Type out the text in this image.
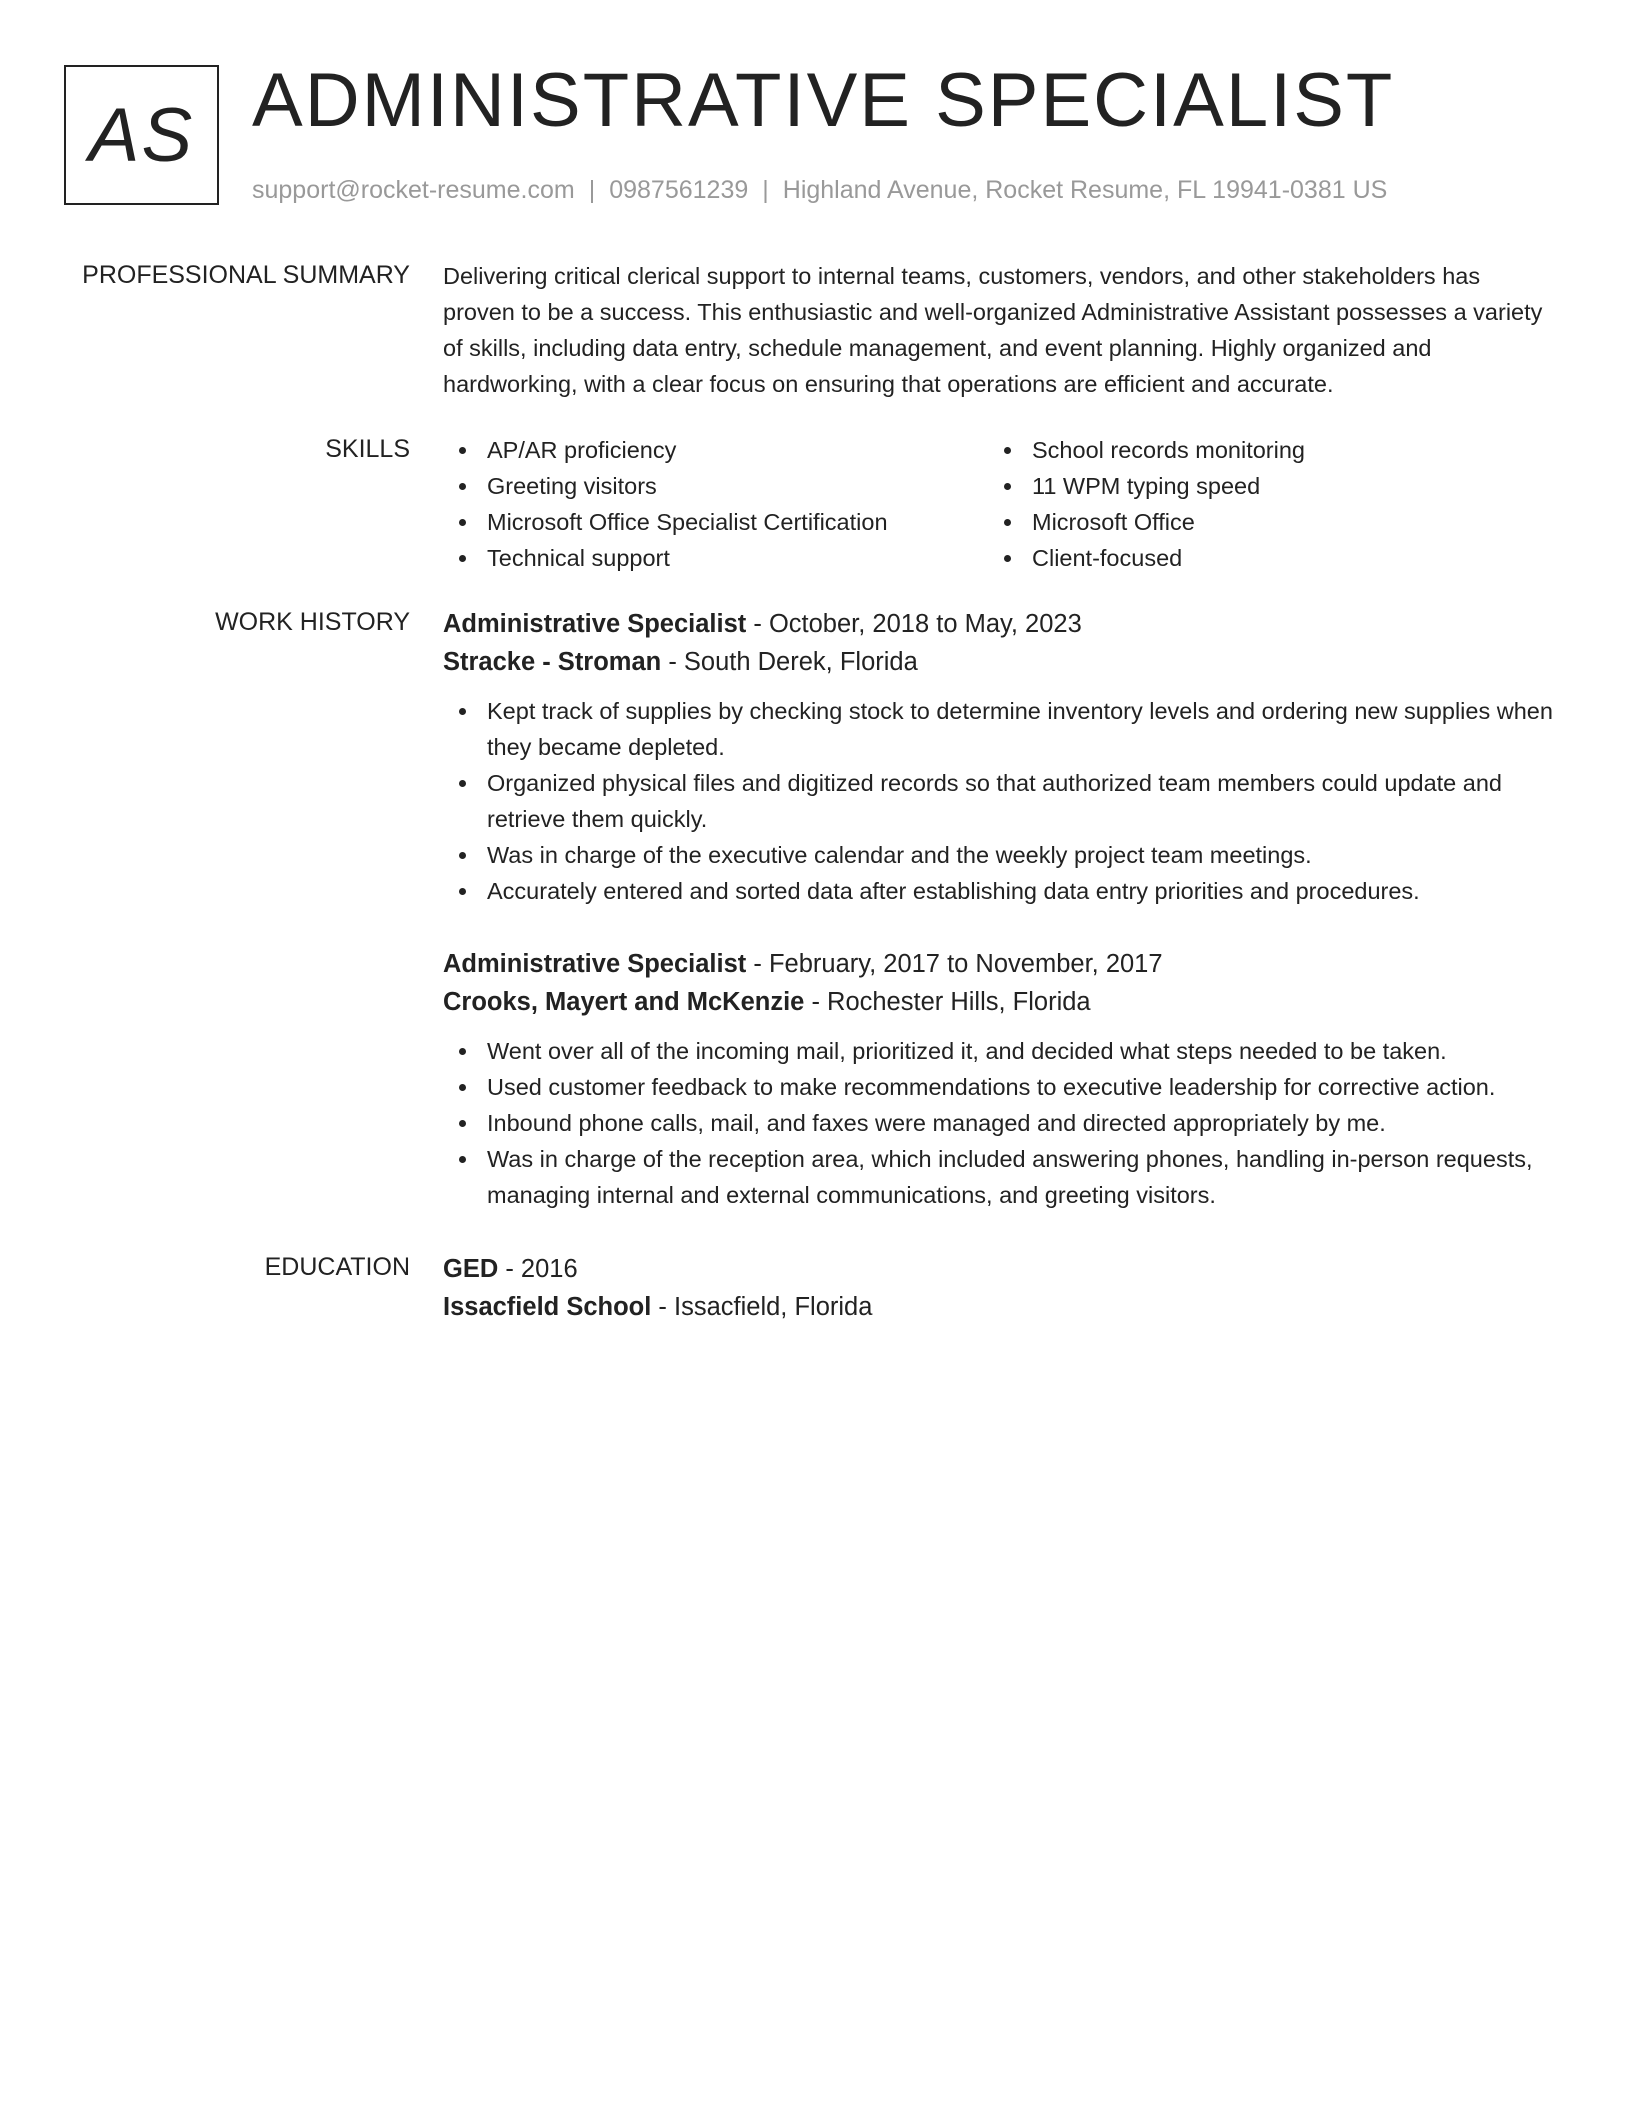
AS ADMINISTRATIVE SPECIALIST
support@rocket-resume.com | 0987561239 | Highland Avenue, Rocket Resume, FL 19941-0381 US
PROFESSIONAL SUMMARY Delivering critical clerical support to internal teams, customers, vendors, and other stakeholders has proven to be a success. This enthusiastic and well-organized Administrative Assistant possesses a variety of skills, including data entry, schedule management, and event planning. Highly organized and hardworking, with a clear focus on ensuring that operations are efficient and accurate.
SKILLS	AP/AR proficiency
Greeting visitors
Microsoft Office Specialist Certification
Technical support
School records monitoring
11 WPM typing speed
Microsoft Office
Client-focused
WORK HISTORY Administrative Specialist - October, 2018 to May, 2023
Stracke - Stroman - South Derek, Florida
Kept track of supplies by checking stock to determine inventory levels and ordering new supplies when they became depleted.
Organized physical files and digitized records so that authorized team members could update and retrieve them quickly.
Was in charge of the executive calendar and the weekly project team meetings.
Accurately entered and sorted data after establishing data entry priorities and procedures.
Administrative Specialist - February, 2017 to November, 2017
Crooks, Mayert and McKenzie - Rochester Hills, Florida
Went over all of the incoming mail, prioritized it, and decided what steps needed to be taken.
Used customer feedback to make recommendations to executive leadership for corrective action.
Inbound phone calls, mail, and faxes were managed and directed appropriately by me.
Was in charge of the reception area, which included answering phones, handling in-person requests, managing internal and external communications, and greeting visitors.
EDUCATION GED - 2016
Issacfield School - Issacfield, Florida
